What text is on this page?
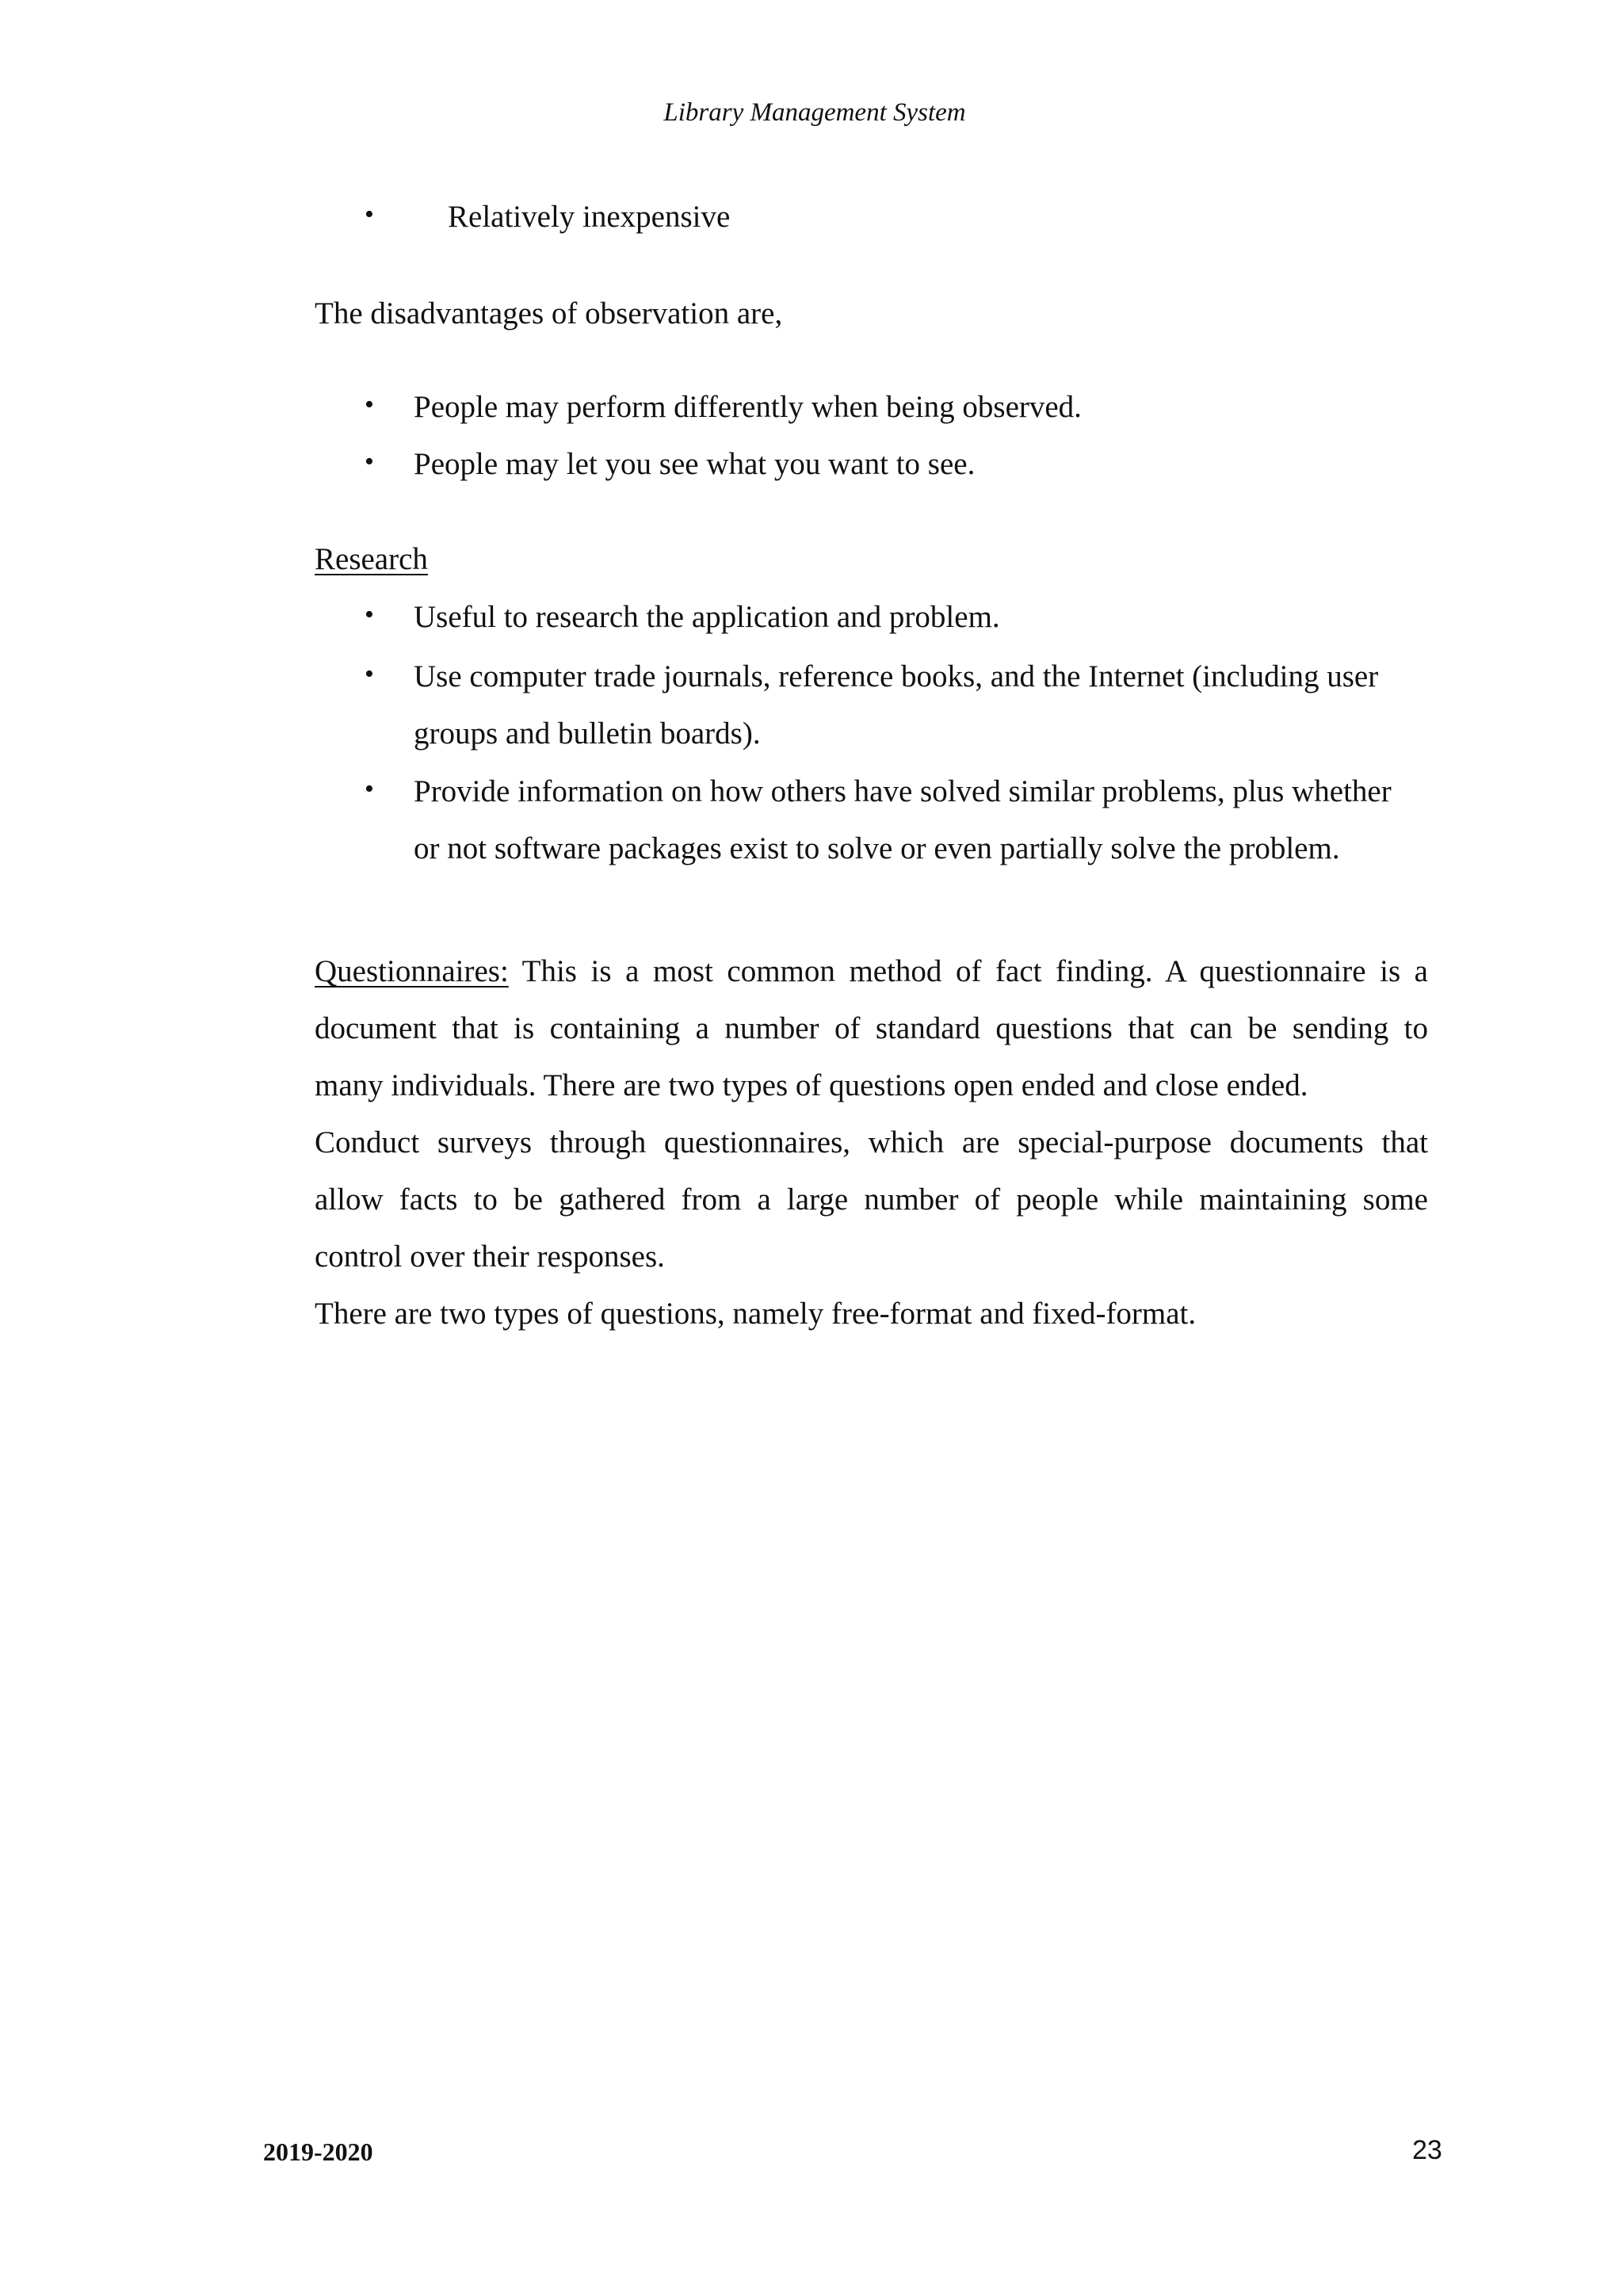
Library Management System
• Relatively inexpensive
The disadvantages of observation are,
• People may perform differently when being observed.
• People may let you see what you want to see.
Research
• Useful to research the application and problem.
• Use computer trade journals, reference books, and the Internet (including user
groups and bulletin boards).
• Provide information on how others have solved similar problems, plus whether
or not software packages exist to solve or even partially solve the problem.
Questionnaires: This is a most common method of fact finding. A questionnaire is a
document that is containing a number of standard questions that can be sending to
many individuals. There are two types of questions open ended and close ended.
Conduct surveys through questionnaires, which are special-purpose documents that
allow facts to be gathered from a large number of people while maintaining some
control over their responses.
There are two types of questions, namely free-format and fixed-format.
2019-2020	23
